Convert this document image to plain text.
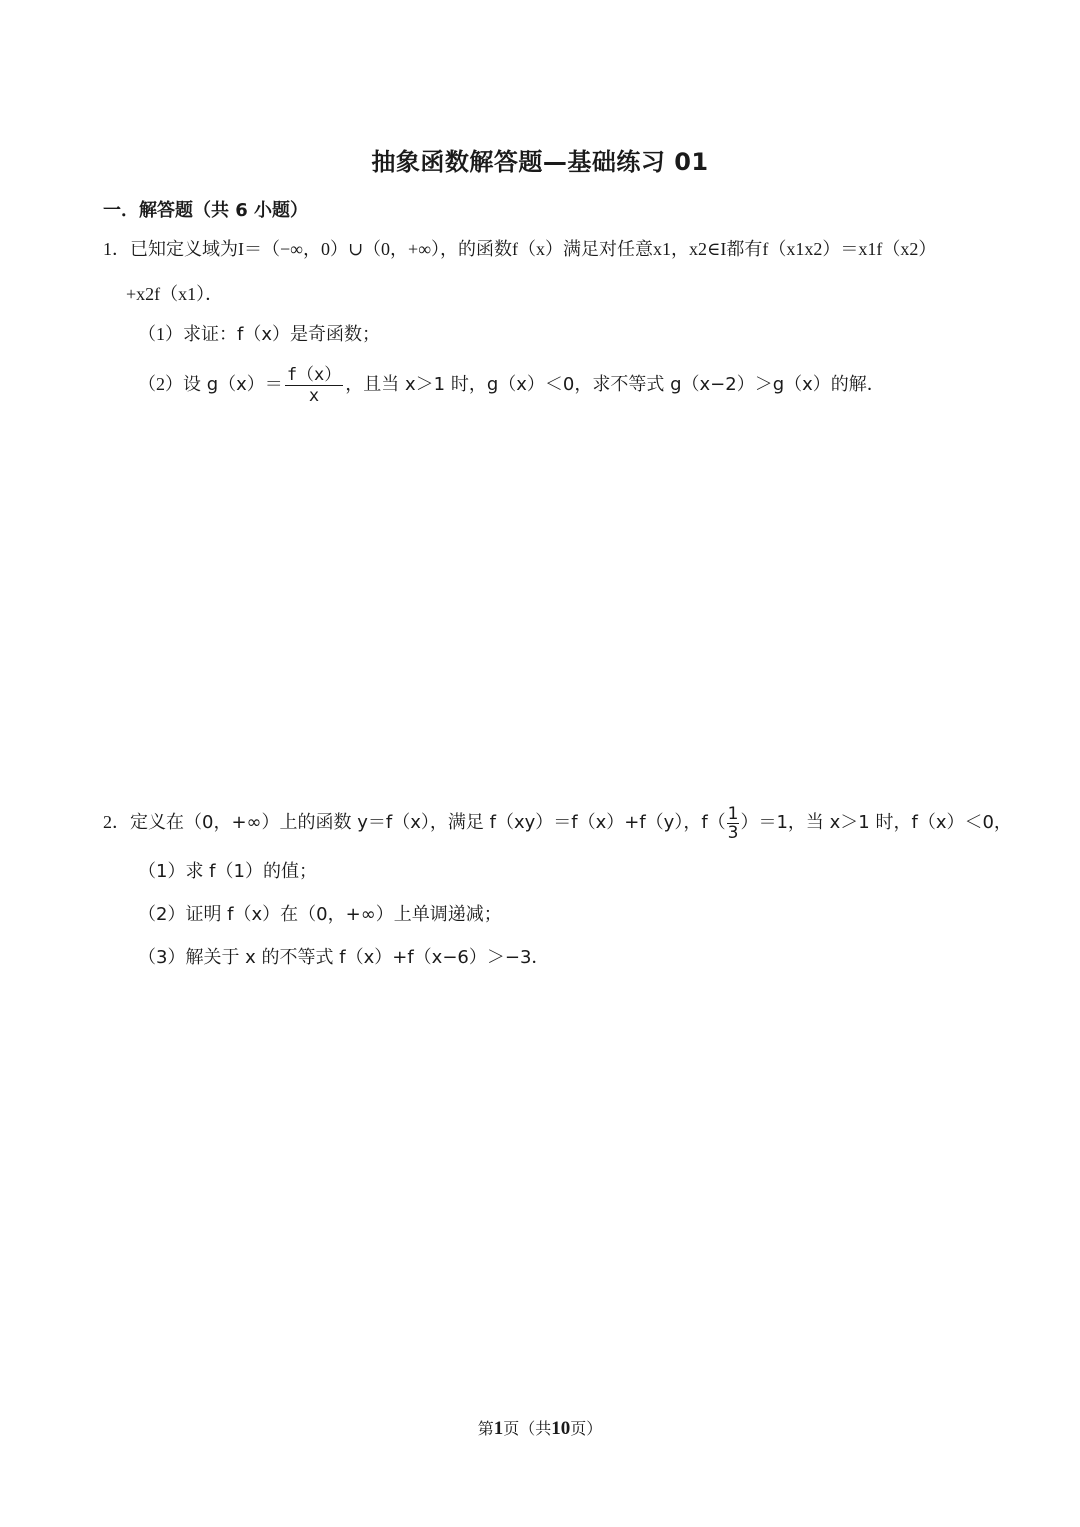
抽象函数解答题—基础练习 01
一．解答题（共 6 小题）
1．已知定义域为I＝（−∞，0）∪（0，+∞），的函数f（x）满足对任意x1，x2∈I都有f（x1x2）＝x1f（x2）
+x2f（x1）．
（1）求证：f（x）是奇函数；
（2）设 $g(x)= \frac{f(x)}{x}$ ，且当 x＞1 时，g（x）＜0，求不等式 g（x−2）＞g（x）的解．
2．定义在（0，+∞）上的函数 y＝f（x），满足 f（xy）＝f（x）+f（y），$f( \frac{1}{3} )=1$，当 x＞1 时，f（x）＜0，
（1）求 f（1）的值；
（2）证明 f（x）在（0，+∞）上单调递减；
（3）解关于 x 的不等式 f（x）+f（x−6）＞−3．
第1页（共10页）
